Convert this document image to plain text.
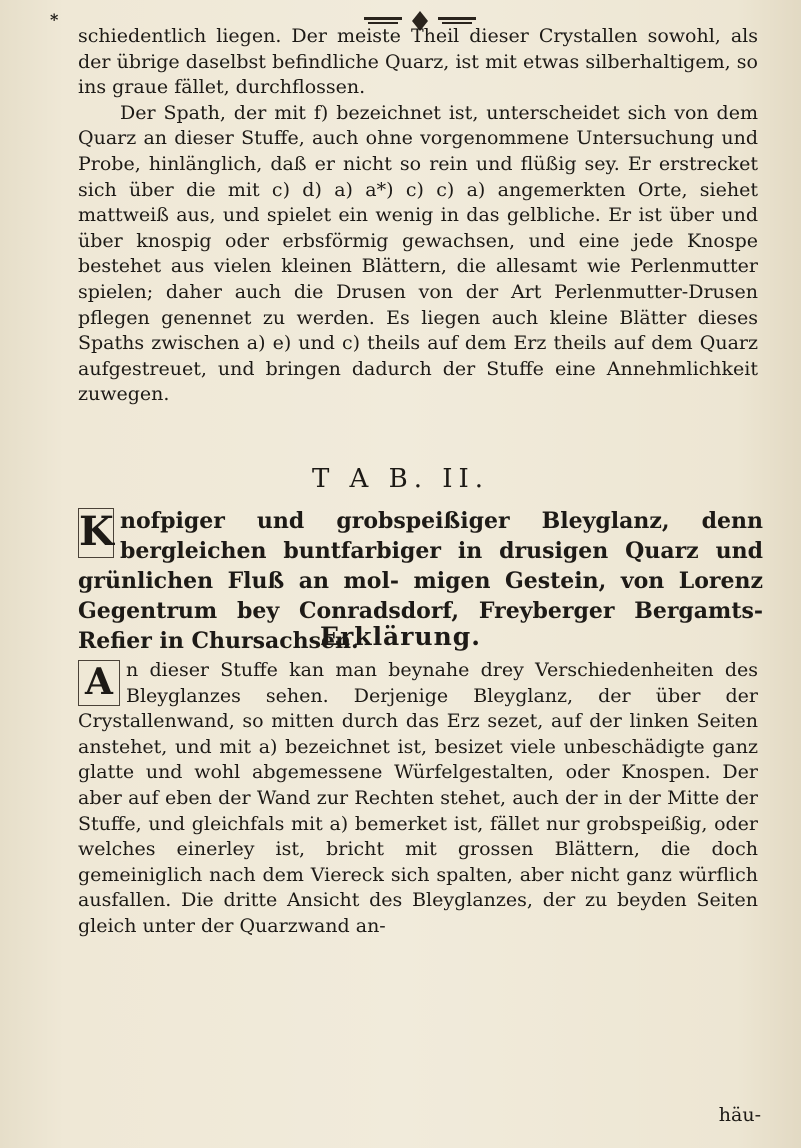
*

schiedentlich liegen. Der meiste Theil dieser Crystallen sowohl, als der übrige daselbst befindliche Quarz, ist mit etwas silberhaltigem, so ins graue fället, durchflossen.

Der Spath, der mit f) bezeichnet ist, unterscheidet sich von dem Quarz an dieser Stuffe, auch ohne vorgenommene Untersuchung und Probe, hinlänglich, daß er nicht so rein und flüßig sey. Er erstrecket sich über die mit c) d) a) a*) c) c) a) angemerkten Orte, siehet mattweiß aus, und spielet ein wenig in das gelbliche. Er ist über und über knospig oder erbsförmig gewachsen, und eine jede Knospe bestehet aus vielen kleinen Blättern, die allesamt wie Perlenmutter spielen; daher auch die Drusen von der Art Perlenmutter-Drusen pflegen genennet zu werden. Es liegen auch kleine Blätter dieses Spaths zwischen a) e) und c) theils auf dem Erz theils auf dem Quarz aufgestreuet, und bringen dadurch der Stuffe eine Annehmlichkeit zuwegen.

T A B. II.
K nofpiger und grobspeißiger Bleyglanz, denn bergleichen buntfarbiger in drusigen Quarz und grünlichen Fluß an mol- migen Gestein, von Lorenz Gegentrum bey Conradsdorf, Freyberger Bergamts-Refier in Chursachsen.
Erklärung.

A n dieser Stuffe kan man beynahe drey Verschiedenheiten des Bleyglanzes sehen. Derjenige Bleyglanz, der über der Crystallenwand, so mitten durch das Erz sezet, auf der linken Seiten anstehet, und mit a) bezeichnet ist, besizet viele unbeschädigte ganz glatte und wohl abgemessene Würfelgestalten, oder Knospen. Der aber auf eben der Wand zur Rechten stehet, auch der in der Mitte der Stuffe, und gleichfals mit a) bemerket ist, fället nur grobspeißig, oder welches einerley ist, bricht mit grossen Blättern, die doch gemeiniglich nach dem Viereck sich spalten, aber nicht ganz würflich ausfallen. Die dritte Ansicht des Bleyglanzes, der zu beyden Seiten gleich unter der Quarzwand an-

häu-
